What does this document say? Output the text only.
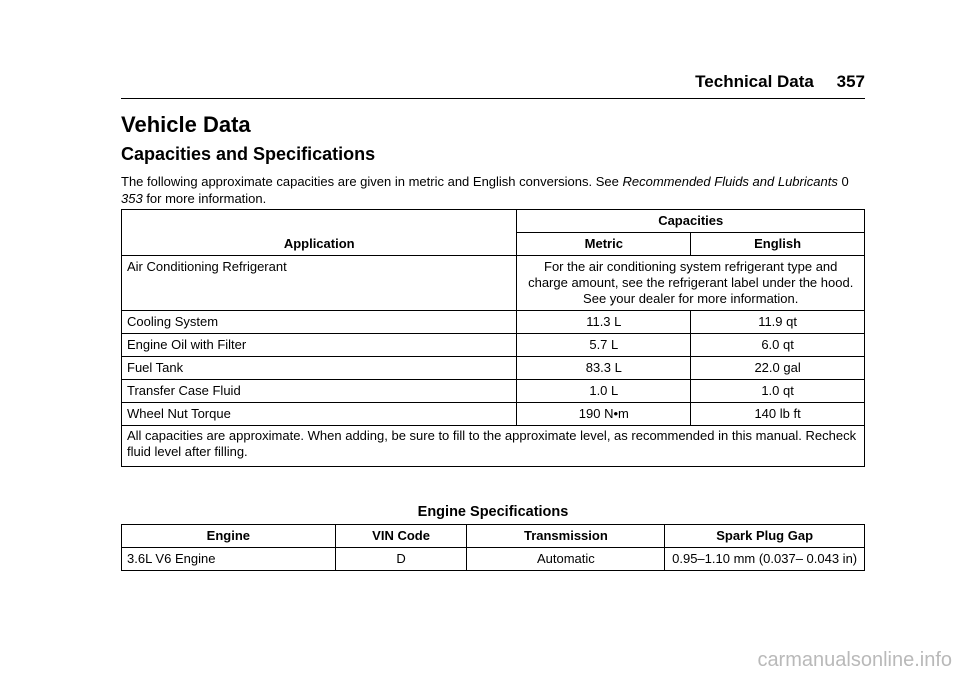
Technical Data 357
Vehicle Data
Capacities and Specifications

The following approximate capacities are given in metric and English conversions. See Recommended Fluids and Lubricants 0 353 for more information.

Application	Capacities	
	Metric	English
Air Conditioning Refrigerant	For the air conditioning system refrigerant type and charge amount, see the refrigerant label under the hood. See your dealer for more information.	
Cooling System	11.3 L	11.9 qt
Engine Oil with Filter	5.7 L	6.0 qt
Fuel Tank	83.3 L	22.0 gal
Transfer Case Fluid	1.0 L	1.0 qt
Wheel Nut Torque	190 N•m	140 lb ft
All capacities are approximate. When adding, be sure to fill to the approximate level, as recommended in this manual. Recheck fluid level after filling.		
Engine Specifications
Engine	VIN Code	Transmission	Spark Plug Gap
3.6L V6 Engine	D	Automatic	0.95–1.10 mm (0.037– 0.043 in)
carmanualsonline.info
